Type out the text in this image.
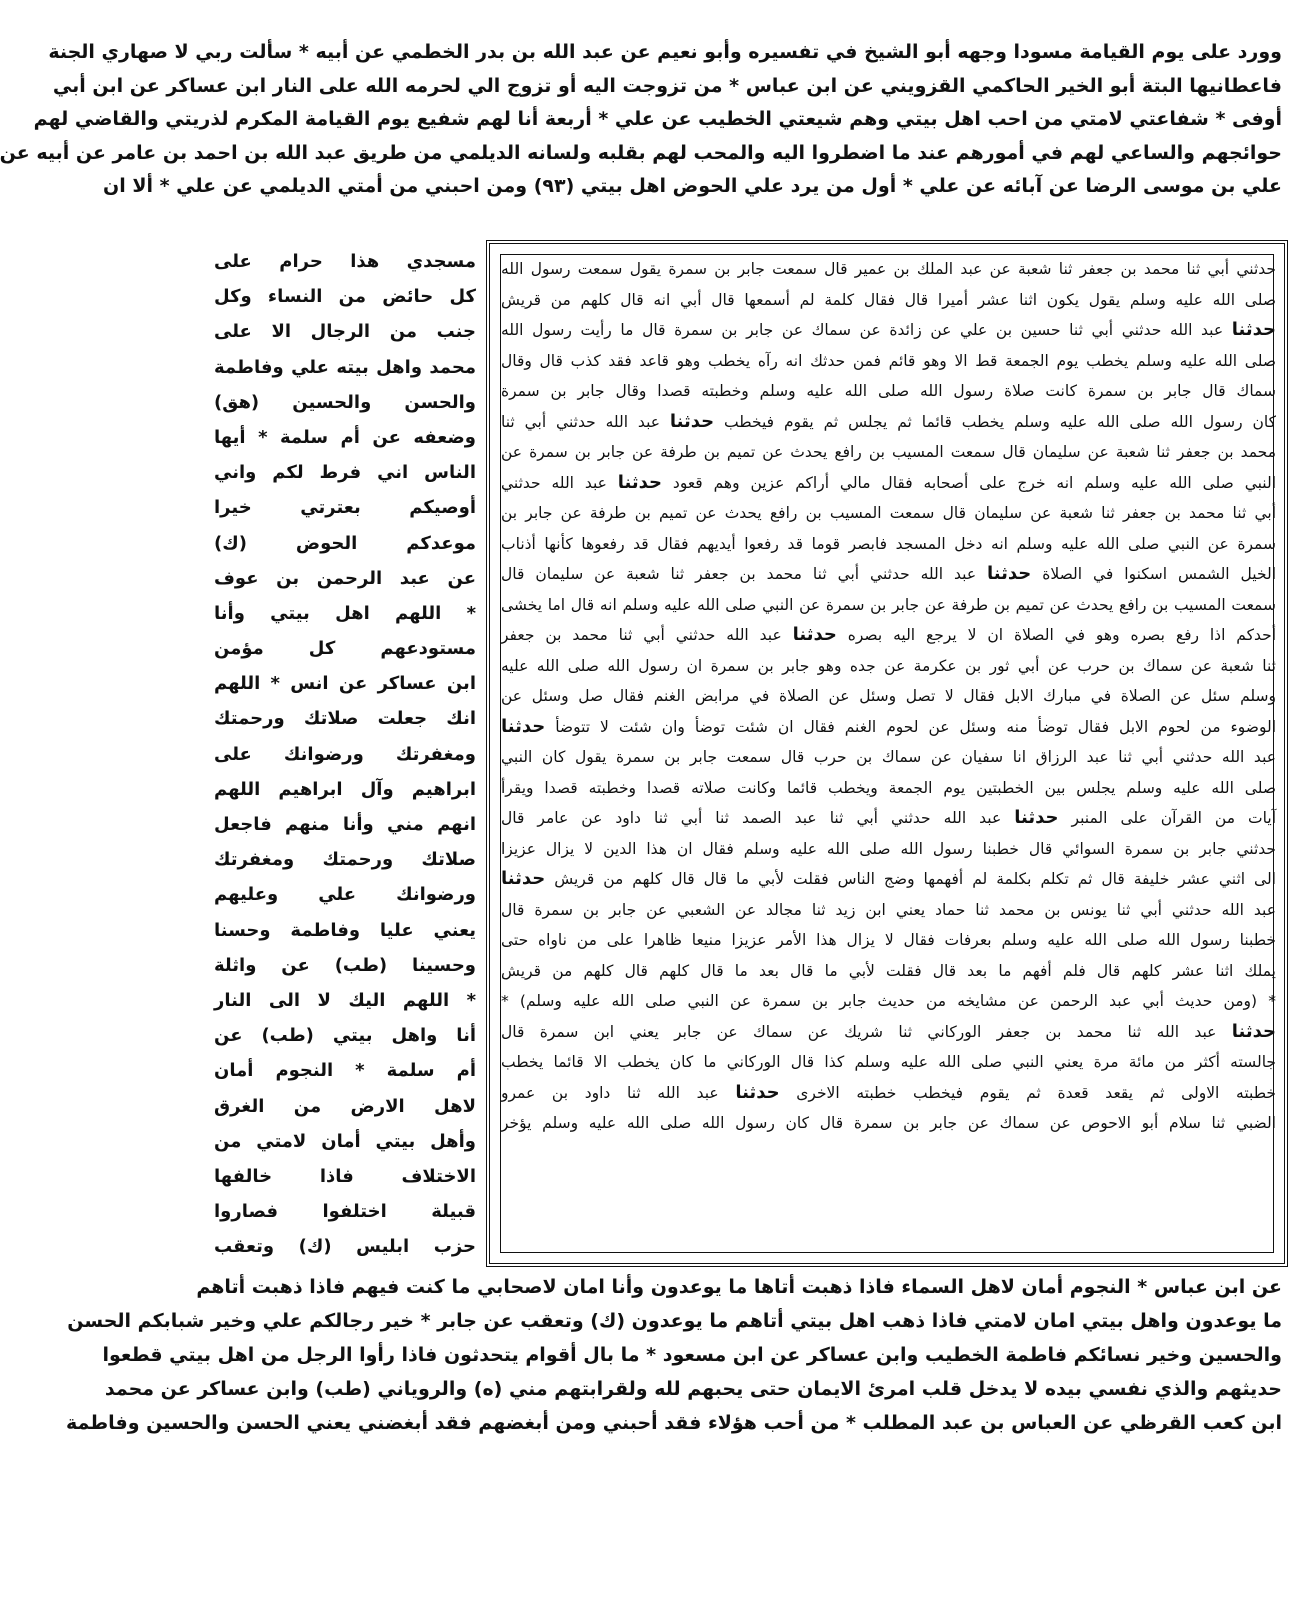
وورد على يوم القيامة مسودا وجهه أبو الشيخ في تفسيره وأبو نعيم عن عبد الله بن بدر الخطمي عن أبيه * سألت ربي لا صهاري الجنة
فاعطانيها البتة أبو الخير الحاكمي القزويني عن ابن عباس * من تزوجت اليه أو تزوج الي لحرمه الله على النار ابن عساكر عن ابن أبي
أوفى * شفاعتي لامتي من احب اهل بيتي وهم شيعتي الخطيب عن علي * أربعة أنا لهم شفيع يوم القيامة المكرم لذريتي والقاضي لهم
حوائجهم والساعي لهم في أمورهم عند ما اضطروا اليه والمحب لهم بقلبه ولسانه الديلمي من طريق عبد الله بن احمد بن عامر عن أبيه عن
علي بن موسى الرضا عن آبائه عن علي * أول من يرد علي الحوض اهل بيتي (٩٣) ومن احبني من أمتي الديلمي عن علي * ألا ان
حدثني أبي ثنا محمد بن جعفر ثنا شعبة عن عبد الملك بن عمير قال سمعت جابر بن سمرة يقول سمعت رسول الله
صلى الله عليه وسلم يقول يكون اثنا عشر أميرا قال فقال كلمة لم أسمعها قال أبي انه قال كلهم من قريش
حدثنا عبد الله حدثني أبي ثنا حسين بن علي عن زائدة عن سماك عن جابر بن سمرة قال ما رأيت رسول الله
صلى الله عليه وسلم يخطب يوم الجمعة قط الا وهو قائم فمن حدثك انه رآه يخطب وهو قاعد فقد كذب قال وقال
سماك قال جابر بن سمرة كانت صلاة رسول الله صلى الله عليه وسلم وخطبته قصدا وقال جابر بن سمرة
كان رسول الله صلى الله عليه وسلم يخطب قائما ثم يجلس ثم يقوم فيخطب حدثنا عبد الله حدثني أبي ثنا
محمد بن جعفر ثنا شعبة عن سليمان قال سمعت المسيب بن رافع يحدث عن تميم بن طرفة عن جابر بن سمرة عن
النبي صلى الله عليه وسلم انه خرج على أصحابه فقال مالي أراكم عزين وهم قعود حدثنا عبد الله حدثني
أبي ثنا محمد بن جعفر ثنا شعبة عن سليمان قال سمعت المسيب بن رافع يحدث عن تميم بن طرفة عن جابر بن
سمرة عن النبي صلى الله عليه وسلم انه دخل المسجد فابصر قوما قد رفعوا أيديهم فقال قد رفعوها كأنها أذناب
الخيل الشمس اسكنوا في الصلاة حدثنا عبد الله حدثني أبي ثنا محمد بن جعفر ثنا شعبة عن سليمان قال
سمعت المسيب بن رافع يحدث عن تميم بن طرفة عن جابر بن سمرة عن النبي صلى الله عليه وسلم انه قال اما يخشى
أحدكم اذا رفع بصره وهو في الصلاة ان لا يرجع اليه بصره حدثنا عبد الله حدثني أبي ثنا محمد بن جعفر
ثنا شعبة عن سماك بن حرب عن أبي ثور بن عكرمة عن جده وهو جابر بن سمرة ان رسول الله صلى الله عليه
وسلم سئل عن الصلاة في مبارك الابل فقال لا تصل وسئل عن الصلاة في مرابض الغنم فقال صل وسئل عن
الوضوء من لحوم الابل فقال توضأ منه وسئل عن لحوم الغنم فقال ان شئت توضأ وان شئت لا تتوضأ حدثنا
عبد الله حدثني أبي ثنا عبد الرزاق انا سفيان عن سماك بن حرب قال سمعت جابر بن سمرة يقول كان النبي
صلى الله عليه وسلم يجلس بين الخطبتين يوم الجمعة ويخطب قائما وكانت صلاته قصدا وخطبته قصدا ويقرأ
آيات من القرآن على المنبر حدثنا عبد الله حدثني أبي ثنا عبد الصمد ثنا أبي ثنا داود عن عامر قال
حدثني جابر بن سمرة السوائي قال خطبنا رسول الله صلى الله عليه وسلم فقال ان هذا الدين لا يزال عزيزا
الى اثني عشر خليفة قال ثم تكلم بكلمة لم أفهمها وضج الناس فقلت لأبي ما قال قال كلهم من قريش حدثنا
عبد الله حدثني أبي ثنا يونس بن محمد ثنا حماد يعني ابن زيد ثنا مجالد عن الشعبي عن جابر بن سمرة قال
خطبنا رسول الله صلى الله عليه وسلم بعرفات فقال لا يزال هذا الأمر عزيزا منيعا ظاهرا على من ناواه حتى
يملك اثنا عشر كلهم قال فلم أفهم ما بعد قال فقلت لأبي ما قال بعد ما قال كلهم قال كلهم من قريش
* (ومن حديث أبي عبد الرحمن عن مشايخه من حديث جابر بن سمرة عن النبي صلى الله عليه وسلم) *
حدثنا عبد الله ثنا محمد بن جعفر الوركاني ثنا شريك عن سماك عن جابر يعني ابن سمرة قال
جالسته أكثر من مائة مرة يعني النبي صلى الله عليه وسلم كذا قال الوركاني ما كان يخطب الا قائما يخطب
خطبته الاولى ثم يقعد قعدة ثم يقوم فيخطب خطبته الاخرى حدثنا عبد الله ثنا داود بن عمرو
الضبي ثنا سلام أبو الاحوص عن سماك عن جابر بن سمرة قال كان رسول الله صلى الله عليه وسلم يؤخر
مسجدي هذا حرام على
كل حائض من النساء وكل
جنب من الرجال الا على
محمد واهل بيته علي وفاطمة
والحسن والحسين (هق)
وضعفه عن أم سلمة * أيها
الناس اني فرط لكم واني
أوصيكم بعترتي خيرا
موعدكم الحوض (ك)
عن عبد الرحمن بن عوف
* اللهم اهل بيتي وأنا
مستودعهم كل مؤمن
ابن عساكر عن انس * اللهم
انك جعلت صلاتك ورحمتك
ومغفرتك ورضوانك على
ابراهيم وآل ابراهيم اللهم
انهم مني وأنا منهم فاجعل
صلاتك ورحمتك ومغفرتك
ورضوانك علي وعليهم
يعني عليا وفاطمة وحسنا
وحسينا (طب) عن واثلة
* اللهم اليك لا الى النار
أنا واهل بيتي (طب) عن
أم سلمة * النجوم أمان
لاهل الارض من الغرق
وأهل بيتي أمان لامتي من
الاختلاف فاذا خالفها
قبيلة اختلفوا فصاروا
حزب ابليس (ك) وتعقب
عن ابن عباس * النجوم أمان لاهل السماء فاذا ذهبت أتاها ما يوعدون وأنا امان لاصحابي ما كنت فيهم فاذا ذهبت أتاهم
ما يوعدون واهل بيتي امان لامتي فاذا ذهب اهل بيتي أتاهم ما يوعدون (ك) وتعقب عن جابر * خير رجالكم علي وخير شبابكم الحسن
والحسين وخير نسائكم فاطمة الخطيب وابن عساكر عن ابن مسعود * ما بال أقوام يتحدثون فاذا رأوا الرجل من اهل بيتي قطعوا
حديثهم والذي نفسي بيده لا يدخل قلب امرئ الايمان حتى يحبهم لله ولقرابتهم مني (ه) والروياني (طب) وابن عساكر عن محمد
ابن كعب القرظي عن العباس بن عبد المطلب * من أحب هؤلاء فقد أحبني ومن أبغضهم فقد أبغضني يعني الحسن والحسين وفاطمة
